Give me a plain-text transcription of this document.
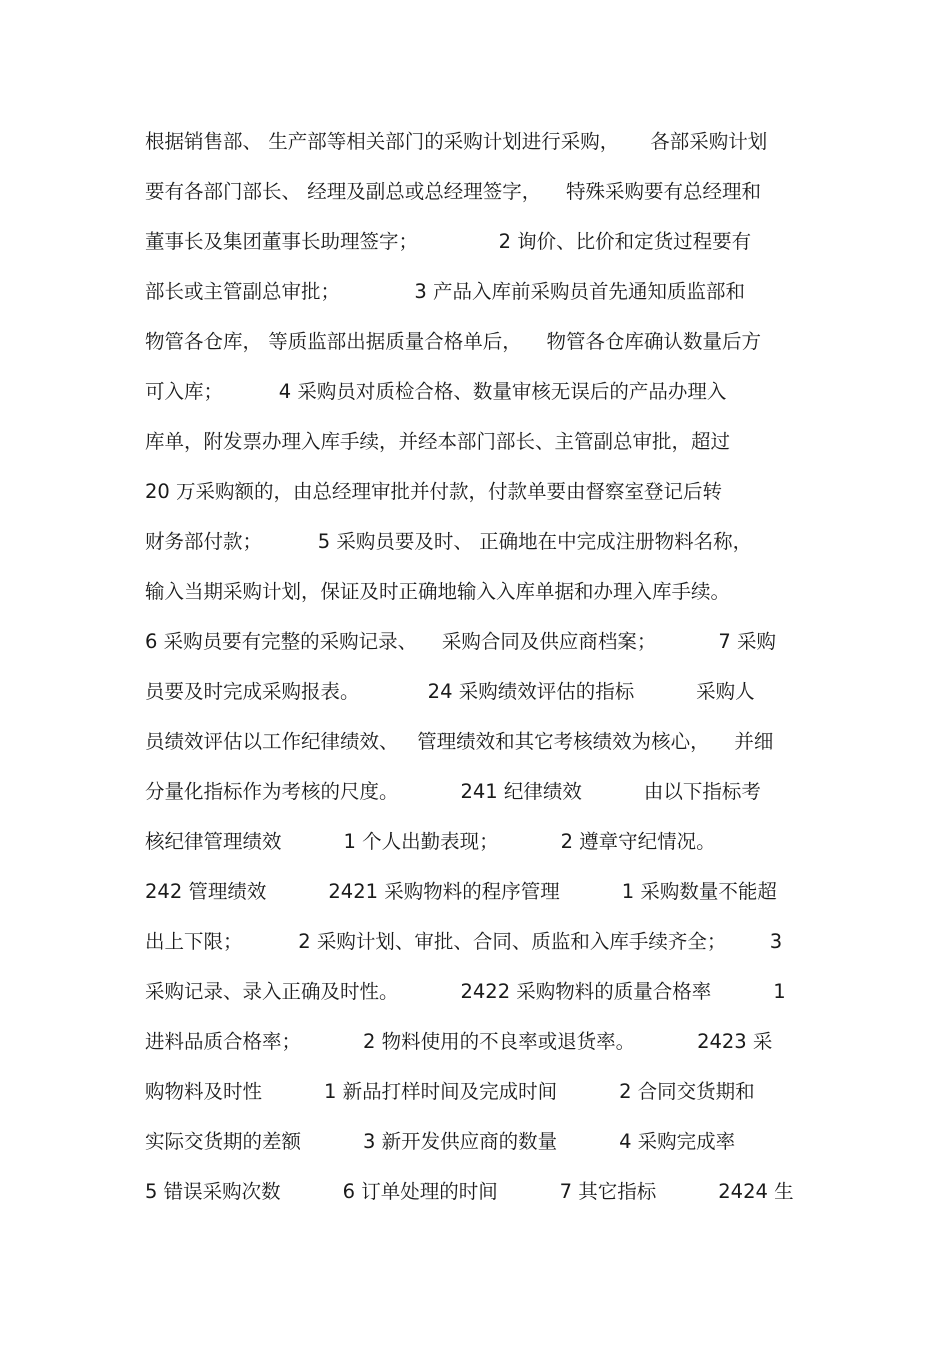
根据销售部、 生产部等相关部门的采购计划进行采购，     各部采购计划
要有各部门部长、 经理及副总或总经理签字，    特殊采购要有总经理和
董事长及集团董事长助理签字；             2 询价、比价和定货过程要有
部长或主管副总审批；            3 产品入库前采购员首先通知质监部和
物管各仓库， 等质监部出据质量合格单后，    物管各仓库确认数量后方
可入库；         4 采购员对质检合格、数量审核无误后的产品办理入
库单，附发票办理入库手续，并经本部门部长、主管副总审批，超过
20 万采购额的，由总经理审批并付款，付款单要由督察室登记后转
财务部付款；         5 采购员要及时、 正确地在中完成注册物料名称，
输入当期采购计划，保证及时正确地输入入库单据和办理入库手续。
6 采购员要有完整的采购记录、    采购合同及供应商档案；          7 采购
员要及时完成采购报表。           24 采购绩效评估的指标          采购人
员绩效评估以工作纪律绩效、   管理绩效和其它考核绩效为核心，    并细
分量化指标作为考核的尺度。          241 纪律绩效          由以下指标考
核纪律管理绩效          1 个人出勤表现；          2 遵章守纪情况。
242 管理绩效          2421 采购物料的程序管理          1 采购数量不能超
出上下限；         2 采购计划、审批、合同、质监和入库手续齐全；       3
采购记录、录入正确及时性。          2422 采购物料的质量合格率          1
进料品质合格率；          2 物料使用的不良率或退货率。          2423 采
购物料及时性          1 新品打样时间及完成时间          2 合同交货期和
实际交货期的差额          3 新开发供应商的数量          4 采购完成率
5 错误采购次数          6 订单处理的时间          7 其它指标          2424 生
